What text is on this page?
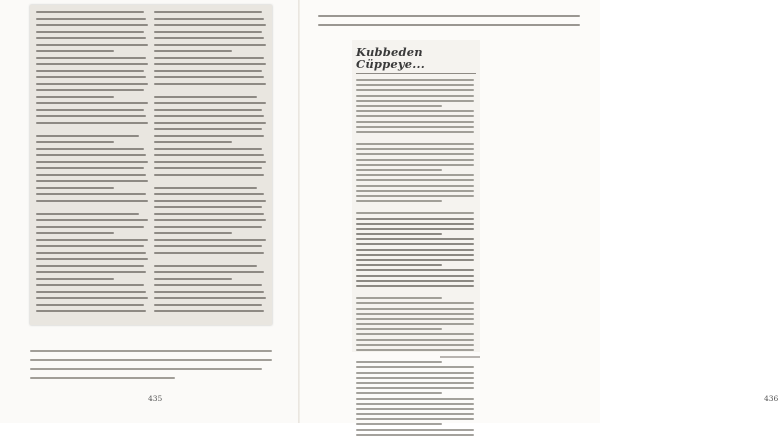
435	436
Kubbeden
Cüppeye...
